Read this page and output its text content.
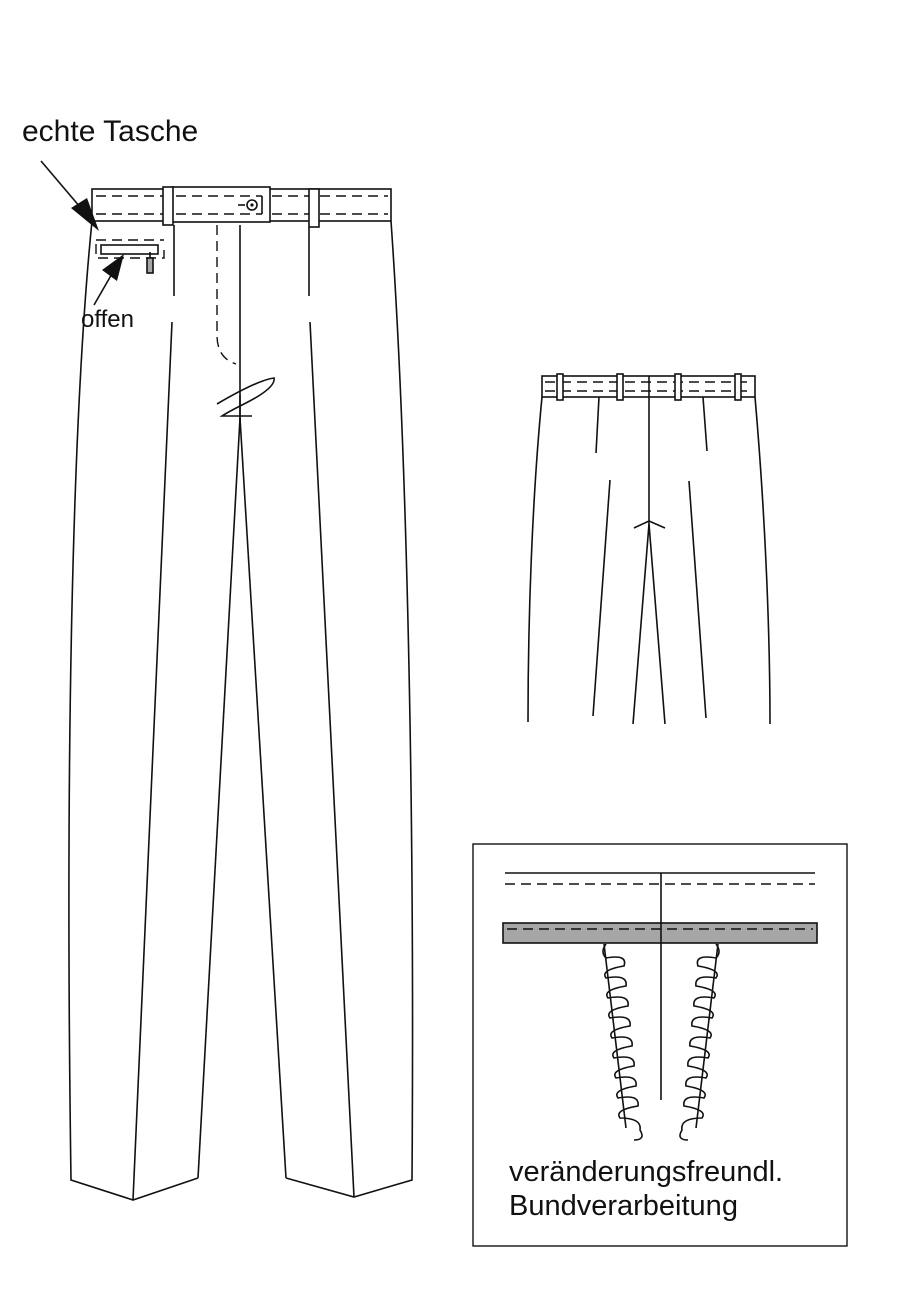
echte Tasche
offen
veränderungsfreundl.
Bundverarbeitung
